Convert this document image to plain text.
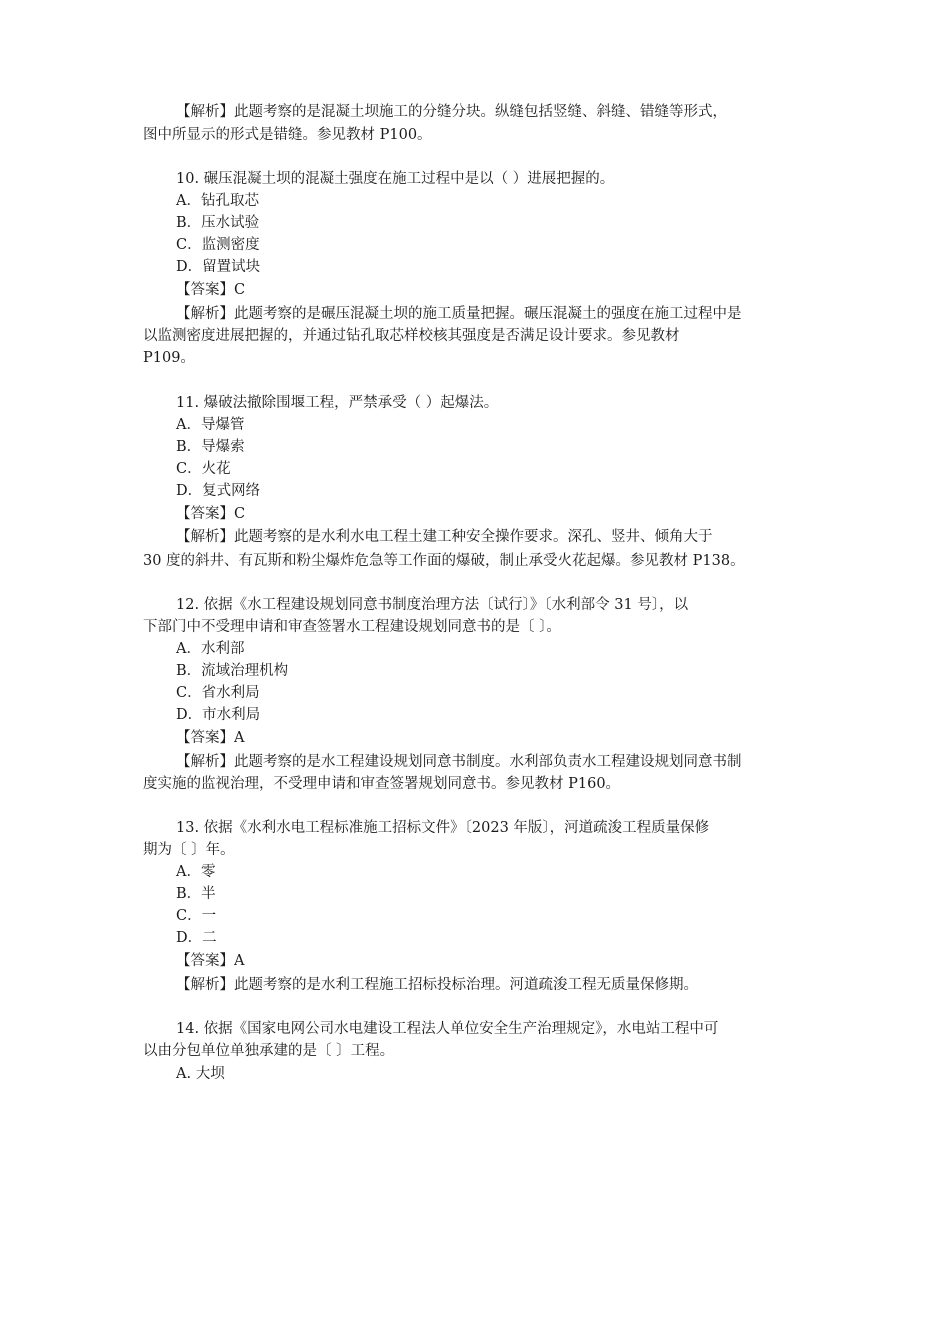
【解析】此题考察的是混凝土坝施工的分缝分块。纵缝包括竖缝、斜缝、错缝等形式，

图中所显示的形式是错缝。参见教材 P100。

10. 碾压混凝土坝的混凝土强度在施工过程中是以（ ）进展把握的。

A．钻孔取芯

B．压水试验

C．监测密度

D．留置试块

【答案】C

【解析】此题考察的是碾压混凝土坝的施工质量把握。碾压混凝土的强度在施工过程中是

以监测密度进展把握的，并通过钻孔取芯样校核其强度是否满足设计要求。参见教材

P109。

11. 爆破法撤除围堰工程，严禁承受（ ）起爆法。

A．导爆管

B．导爆索

C．火花

D．复式网络

【答案】C

【解析】此题考察的是水利水电工程土建工种安全操作要求。深孔、竖井、倾角大于

30 度的斜井、有瓦斯和粉尘爆炸危急等工作面的爆破，制止承受火花起爆。参见教材 P138。

12. 依据《水工程建设规划同意书制度治理方法〔试行〕》〔水利部令 31 号〕，以

下部门中不受理申请和审查签署水工程建设规划同意书的是〔 〕。

A．水利部

B．流域治理机构

C．省水利局

D．市水利局

【答案】A

【解析】此题考察的是水工程建设规划同意书制度。水利部负责水工程建设规划同意书制

度实施的监视治理，不受理申请和审查签署规划同意书。参见教材 P160。

13. 依据《水利水电工程标准施工招标文件》〔2023 年版〕，河道疏浚工程质量保修

期为〔 〕年。

A．零

B．半

C．一

D．二

【答案】A

【解析】此题考察的是水利工程施工招标投标治理。河道疏浚工程无质量保修期。

14. 依据《国家电网公司水电建设工程法人单位安全生产治理规定》，水电站工程中可

以由分包单位单独承建的是〔 〕工程。

A. 大坝
